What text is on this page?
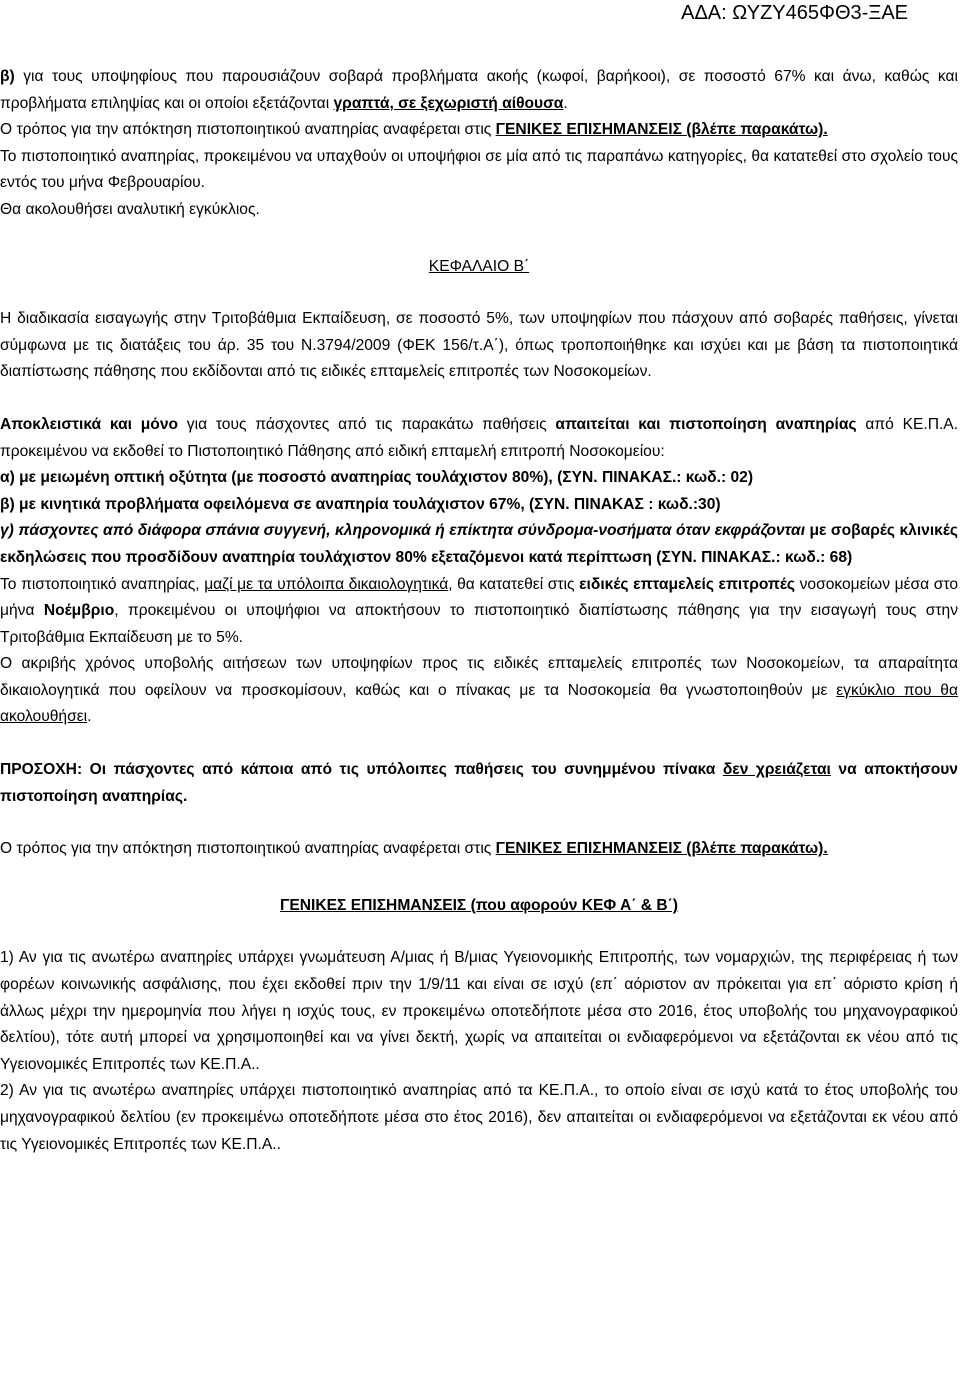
ΑΔΑ: ΩΥΖΥ465ΦΘ3-ΞΑΕ

β) για τους υποψηφίους που παρουσιάζουν σοβαρά προβλήματα ακοής (κωφοί, βαρήκοοι), σε ποσοστό 67% και άνω, καθώς και προβλήματα επιληψίας και οι οποίοι εξετάζονται γραπτά, σε ξεχωριστή αίθουσα.

Ο τρόπος για την απόκτηση πιστοποιητικού αναπηρίας αναφέρεται στις ΓΕΝΙΚΕΣ ΕΠΙΣΗΜΑΝΣΕΙΣ (βλέπε παρακάτω).

Το πιστοποιητικό αναπηρίας, προκειμένου να υπαχθούν οι υποψήφιοι σε μία από τις παραπάνω κατηγορίες, θα κατατεθεί στο σχολείο τους εντός του μήνα Φεβρουαρίου.

Θα ακολουθήσει αναλυτική εγκύκλιος.

ΚΕΦΑΛΑΙΟ Β΄

Η διαδικασία εισαγωγής στην Τριτοβάθμια Εκπαίδευση, σε ποσοστό 5%, των υποψηφίων που πάσχουν από σοβαρές παθήσεις, γίνεται σύμφωνα με τις διατάξεις του άρ. 35 του Ν.3794/2009 (ΦΕΚ 156/τ.Α΄), όπως τροποποιήθηκε και ισχύει και με βάση τα πιστοποιητικά διαπίστωσης πάθησης που εκδίδονται από τις ειδικές επταμελείς επιτροπές των Νοσοκομείων.

Αποκλειστικά και μόνο για τους πάσχοντες από τις παρακάτω παθήσεις απαιτείται και πιστοποίηση αναπηρίας από ΚΕ.Π.Α. προκειμένου να εκδοθεί το Πιστοποιητικό Πάθησης από ειδική επταμελή επιτροπή Νοσοκομείου:

α) με μειωμένη οπτική οξύτητα (με ποσοστό αναπηρίας τουλάχιστον 80%), (ΣΥΝ. ΠΙΝΑΚΑΣ.: κωδ.: 02)

β) με κινητικά προβλήματα οφειλόμενα σε αναπηρία τουλάχιστον 67%, (ΣΥΝ. ΠΙΝΑΚΑΣ : κωδ.:30)

γ) πάσχοντες από διάφορα σπάνια συγγενή, κληρονομικά ή επίκτητα σύνδρομα-νοσήματα όταν εκφράζονται με σοβαρές κλινικές εκδηλώσεις που προσδίδουν αναπηρία τουλάχιστον 80% εξεταζόμενοι κατά περίπτωση (ΣΥΝ. ΠΙΝΑΚΑΣ.: κωδ.: 68)

Το πιστοποιητικό αναπηρίας, μαζί με τα υπόλοιπα δικαιολογητικά, θα κατατεθεί στις ειδικές επταμελείς επιτροπές νοσοκομείων μέσα στο μήνα Νοέμβριο, προκειμένου οι υποψήφιοι να αποκτήσουν το πιστοποιητικό διαπίστωσης πάθησης για την εισαγωγή τους στην Τριτοβάθμια Εκπαίδευση με το 5%.

Ο ακριβής χρόνος υποβολής αιτήσεων των υποψηφίων προς τις ειδικές επταμελείς επιτροπές των Νοσοκομείων, τα απαραίτητα δικαιολογητικά που οφείλουν να προσκομίσουν, καθώς και ο πίνακας με τα Νοσοκομεία θα γνωστοποιηθούν με εγκύκλιο που θα ακολουθήσει.

ΠΡΟΣΟΧΗ: Οι πάσχοντες από κάποια από τις υπόλοιπες παθήσεις του συνημμένου πίνακα δεν χρειάζεται να αποκτήσουν πιστοποίηση αναπηρίας.

Ο τρόπος για την απόκτηση πιστοποιητικού αναπηρίας αναφέρεται στις ΓΕΝΙΚΕΣ ΕΠΙΣΗΜΑΝΣΕΙΣ (βλέπε παρακάτω).

ΓΕΝΙΚΕΣ ΕΠΙΣΗΜΑΝΣΕΙΣ (που αφορούν ΚΕΦ Α΄ & Β΄)

1) Αν για τις ανωτέρω αναπηρίες υπάρχει γνωμάτευση Α/μιας ή Β/μιας Υγειονομικής Επιτροπής, των νομαρχιών, της περιφέρειας ή των φορέων κοινωνικής ασφάλισης, που έχει εκδοθεί πριν την 1/9/11 και είναι σε ισχύ (επ΄ αόριστον αν πρόκειται για επ΄ αόριστο κρίση ή άλλως μέχρι την ημερομηνία που λήγει η ισχύς τους, εν προκειμένω οποτεδήποτε μέσα στο 2016, έτος υποβολής του μηχανογραφικού δελτίου), τότε αυτή μπορεί να χρησιμοποιηθεί και να γίνει δεκτή, χωρίς να απαιτείται οι ενδιαφερόμενοι να εξετάζονται εκ νέου από τις Υγειονομικές Επιτροπές των ΚΕ.Π.Α..

2) Αν για τις ανωτέρω αναπηρίες υπάρχει πιστοποιητικό αναπηρίας από τα ΚΕ.Π.Α., το οποίο είναι σε ισχύ κατά το έτος υποβολής του μηχανογραφικού δελτίου (εν προκειμένω οποτεδήποτε μέσα στο έτος 2016), δεν απαιτείται οι ενδιαφερόμενοι να εξετάζονται εκ νέου από τις Υγειονομικές Επιτροπές των ΚΕ.Π.Α..
